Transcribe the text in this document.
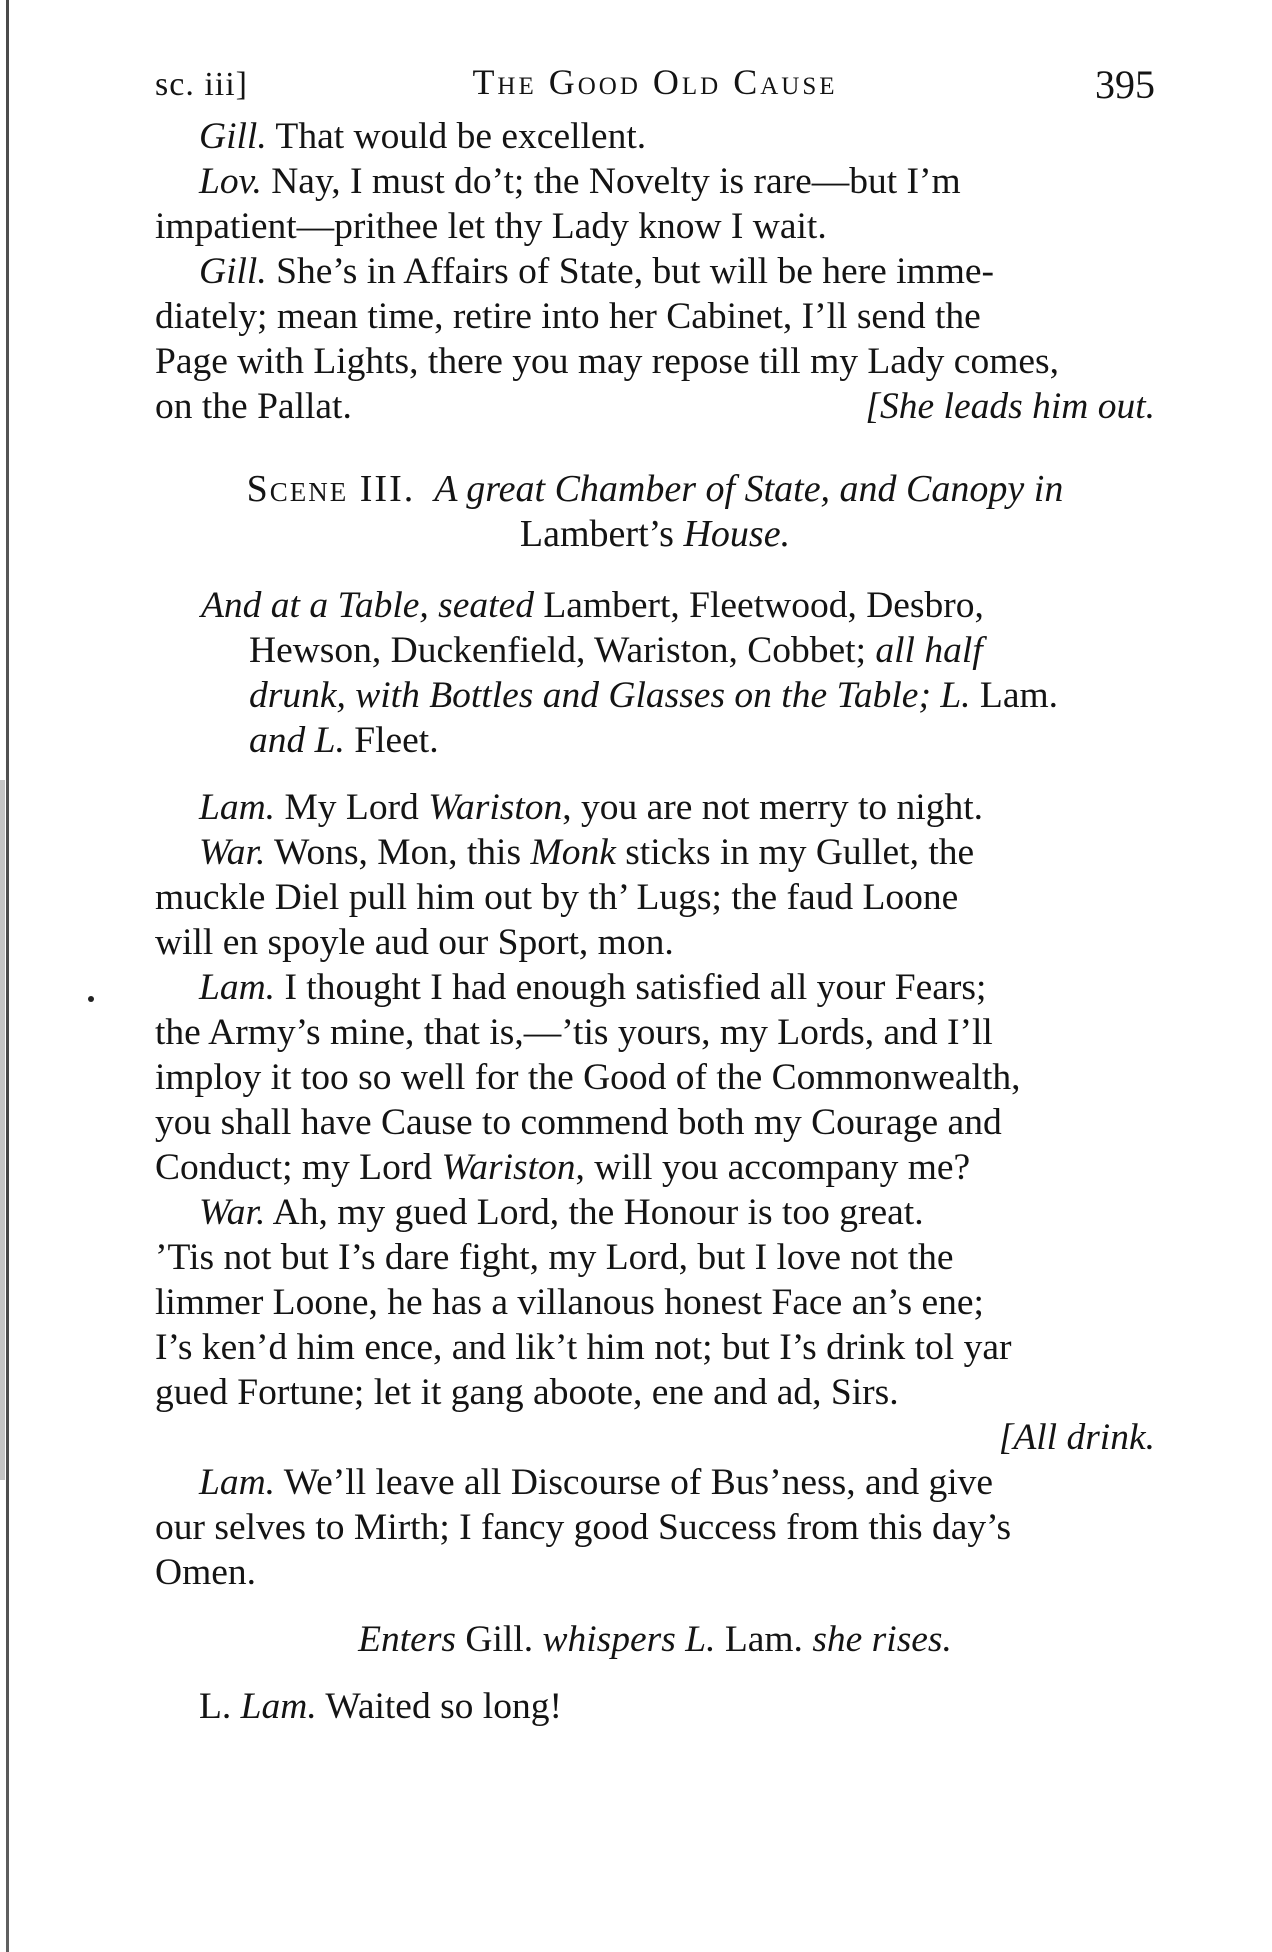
sc. iii]	The Good Old Cause	395

Gill. That would be excellent.

Lov. Nay, I must do’t; the Novelty is rare—but I’m
impatient—prithee let thy Lady know I wait.

Gill. She’s in Affairs of State, but will be here imme-
diately; mean time, retire into her Cabinet, I’ll send the
Page with Lights, there you may repose till my Lady comes,

on the Pallat.	[She leads him out.

Scene III. A great Chamber of State, and Canopy in

Lambert’s House.

And at a Table, seated Lambert, Fleetwood, Desbro,
Hewson, Duckenfield, Wariston, Cobbet; all half
drunk, with Bottles and Glasses on the Table; L. Lam.
and L. Fleet.

Lam. My Lord Wariston, you are not merry to night.

War. Wons, Mon, this Monk sticks in my Gullet, the
muckle Diel pull him out by th’ Lugs; the faud Loone
will en spoyle aud our Sport, mon.

Lam. I thought I had enough satisfied all your Fears;
the Army’s mine, that is,—’tis yours, my Lords, and I’ll
imploy it too so well for the Good of the Commonwealth,
you shall have Cause to commend both my Courage and
Conduct; my Lord Wariston, will you accompany me?

War. Ah, my gued Lord, the Honour is too great.
’Tis not but I’s dare fight, my Lord, but I love not the
limmer Loone, he has a villanous honest Face an’s ene;
I’s ken’d him ence, and lik’t him not; but I’s drink tol yar
gued Fortune; let it gang aboote, ene and ad, Sirs.

[All drink.

Lam. We’ll leave all Discourse of Bus’ness, and give
our selves to Mirth; I fancy good Success from this day’s
Omen.

Enters Gill. whispers L. Lam. she rises.

L. Lam. Waited so long!
